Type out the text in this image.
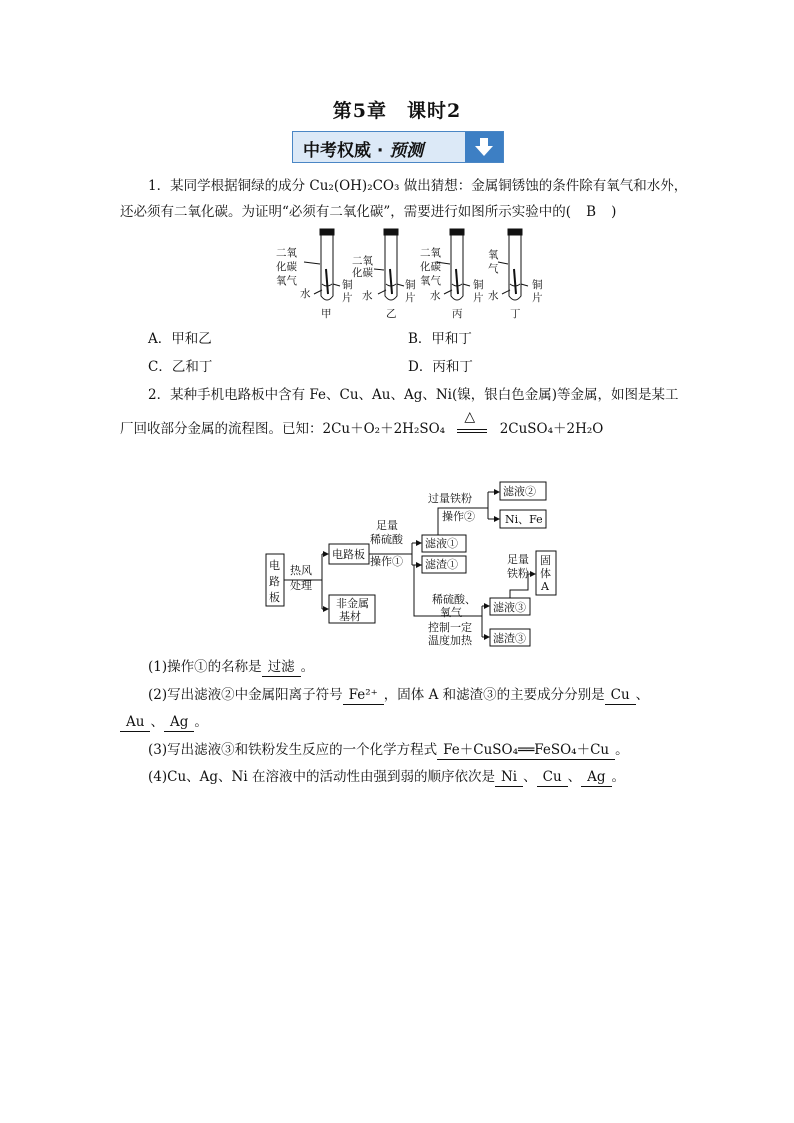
第5章　课时2
中考权威 · 预测
1．某同学根据铜绿的成分 Cu₂(OH)₂CO₃ 做出猜想：金属铜锈蚀的条件除有氧气和水外，
还必须有二氧化碳。为证明“必须有二氧化碳”，需要进行如图所示实验中的( B )
二氧
化碳
氧气
水
铜
片
甲
二氧
化碳
水
铜
片
乙
二氧
化碳
氧气
水
铜
片
丙
氧
气
水
铜
片
丁
A．甲和乙	B．甲和丁
C．乙和丁	D．丙和丁
2．某种手机电路板中含有 Fe、Cu、Au、Ag、Ni(镍，银白色金属)等金属，如图是某工
厂回收部分金属的流程图。已知：2Cu＋O₂＋2H₂SO₄
△
2CuSO₄＋2H₂O
电
路
板
热风
处理
电路板
非金属
基材
足量
稀硫酸
操作①
滤液①
滤渣①
过量铁粉
操作②
滤液②
Ni、Fe
足量
铁粉
固
体
A
稀硫酸、
氧气
控制一定
温度加热
滤液③
滤渣③
(1)操作①的名称是 过滤 。
(2)写出滤液②中金属阳离子符号 Fe²⁺ ，固体 A 和滤渣③的主要成分分别是 Cu 、
Au 、 Ag 。
(3)写出滤液③和铁粉发生反应的一个化学方程式 Fe＋CuSO₄══FeSO₄＋Cu 。
(4)Cu、Ag、Ni 在溶液中的活动性由强到弱的顺序依次是 Ni 、 Cu 、 Ag 。
